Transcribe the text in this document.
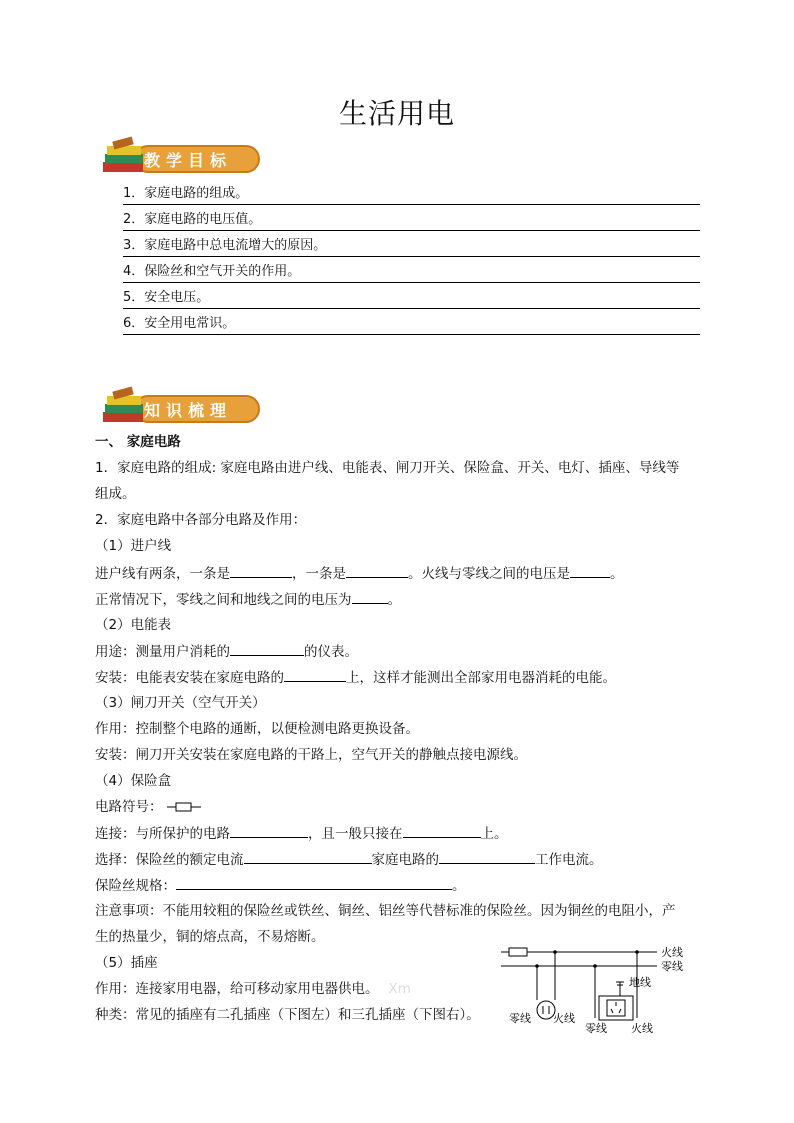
生活用电
教学目标
1．家庭电路的组成。
2．家庭电路的电压值。
3．家庭电路中总电流增大的原因。
4．保险丝和空气开关的作用。
5．安全电压。
6．安全用电常识。
知识梳理
一、 家庭电路
1．家庭电路的组成: 家庭电路由进户线、电能表、闸刀开关、保险盒、开关、电灯、插座、导线等
组成。
2．家庭电路中各部分电路及作用：
（1）进户线
进户线有两条，一条是	，一条是	。火线与零线之间的电压是	。
正常情况下，零线之间和地线之间的电压为	。
（2）电能表
用途：测量用户消耗的	的仪表。
安装：电能表安装在家庭电路的	上，这样才能测出全部家用电器消耗的电能。
（3）闸刀开关（空气开关）
作用：控制整个电路的通断，以便检测电路更换设备。
安装：闸刀开关安装在家庭电路的干路上，空气开关的静触点接电源线。
（4）保险盒
电路符号：
连接：与所保护的电路	，且一般只接在	上。
选择：保险丝的额定电流	家庭电路的	工作电流。
保险丝规格：	。
注意事项：不能用较粗的保险丝或铁丝、铜丝、铝丝等代替标准的保险丝。因为铜丝的电阻小，产
生的热量少，铜的熔点高，不易熔断。
（5）插座
作用：连接家用电器，给可移动家用电器供电。 Xm
种类：常见的插座有二孔插座（下图左）和三孔插座（下图右）。
火线
零线
零线 火线
地线
零线 火线
